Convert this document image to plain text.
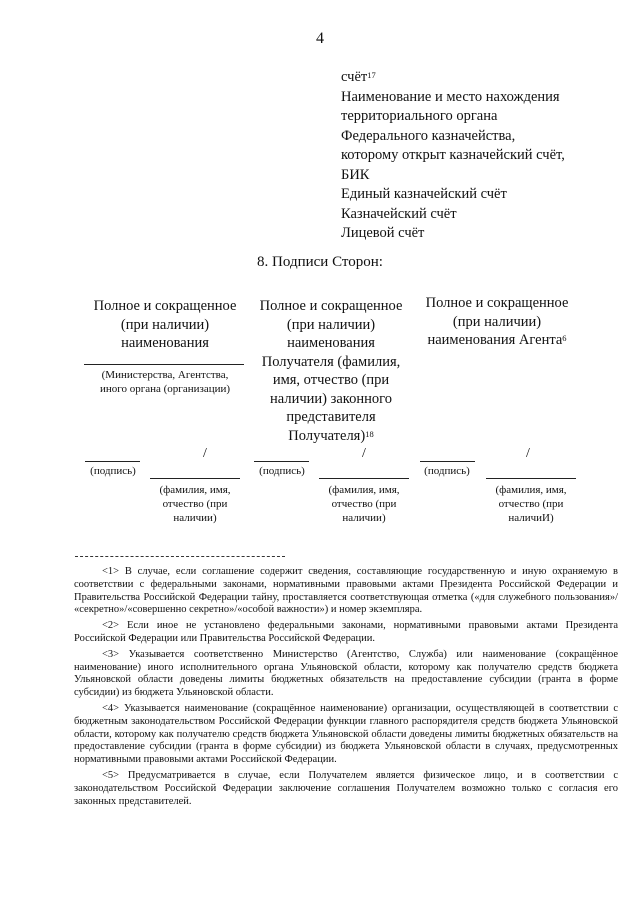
4
счёт$^{17}$
Наименование и место нахождения
территориального органа
Федерального казначейства,
которому открыт казначейский счёт,
БИК
Единый казначейский счёт
Казначейский счёт
Лицевой счёт
8. Подписи Сторон:
Полное и сокращенное
(при наличии)
наименования
(Министерства, Агентства,
иного органа (организации)
Полное и сокращенное
(при наличии)
наименования
Получателя (фамилия,
имя, отчество (при
наличии) законного
представителя
Получателя)$^{18}$
Полное и сокращенное
(при наличии)
наименования Агента$^6$
/	/	/
(подпись)	(подпись)	(подпись)
(фамилия, имя,
отчество (при
наличии)
(фамилия, имя,
отчество (при
наличии)
(фамилия, имя,
отчество (при
наличиИ)

<1> В случае, если соглашение содержит сведения, составляющие государственную и иную охраняемую в соответствии с федеральными законами, нормативными правовыми актами Президента Российской Федерации и Правительства Российской Федерации тайну, проставляется соответствующая отметка («для служебного пользования»/ «секретно»/«совершенно секретно»/«особой важности») и номер экземпляра.

<2> Если иное не установлено федеральными законами, нормативными правовыми актами Президента Российской Федерации или Правительства Российской Федерации.

<3> Указывается соответственно Министерство (Агентство, Служба) или наименование (сокращённое наименование) иного исполнительного органа Ульяновской области, которому как получателю средств бюджета Ульяновской области доведены лимиты бюджетных обязательств на предоставление субсидии (гранта в форме субсидии) из бюджета Ульяновской области.

<4> Указывается наименование (сокращённое наименование) организации, осуществляющей в соответствии с бюджетным законодательством Российской Федерации функции главного распорядителя средств бюджета Ульяновской области, которому как получателю средств бюджета Ульяновской области доведены лимиты бюджетных обязательств на предоставление субсидии (гранта в форме субсидии) из бюджета Ульяновской области в случаях, предусмотренных нормативными правовыми актами Российской Федерации.

<5> Предусматривается в случае, если Получателем является физическое лицо, и в соответствии с законодательством Российской Федерации заключение соглашения Получателем возможно только с согласия его законных представителей.
